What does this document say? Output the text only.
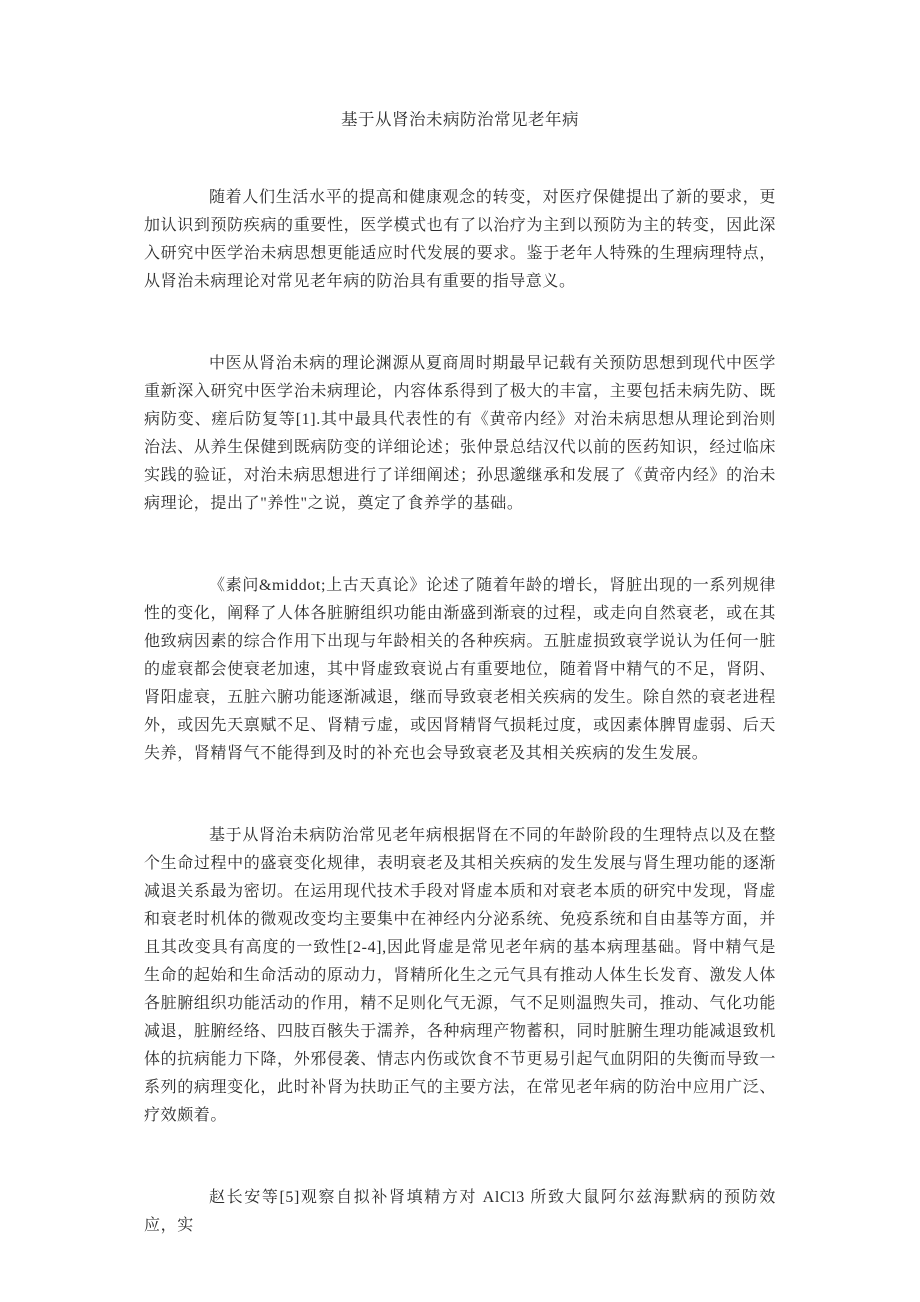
基于从肾治未病防治常见老年病

随着人们生活水平的提高和健康观念的转变，对医疗保健提出了新的要求，更加认识到预防疾病的重要性，医学模式也有了以治疗为主到以预防为主的转变，因此深入研究中医学治未病思想更能适应时代发展的要求。鉴于老年人特殊的生理病理特点，从肾治未病理论对常见老年病的防治具有重要的指导意义。

中医从肾治未病的理论渊源从夏商周时期最早记载有关预防思想到现代中医学重新深入研究中医学治未病理论，内容体系得到了极大的丰富，主要包括未病先防、既病防变、瘥后防复等[1].其中最具代表性的有《黄帝内经》对治未病思想从理论到治则治法、从养生保健到既病防变的详细论述；张仲景总结汉代以前的医药知识，经过临床实践的验证，对治未病思想进行了详细阐述；孙思邈继承和发展了《黄帝内经》的治未病理论，提出了"养性"之说，奠定了食养学的基础。

《素问&middot;上古天真论》论述了随着年龄的增长，肾脏出现的一系列规律性的变化，阐释了人体各脏腑组织功能由渐盛到渐衰的过程，或走向自然衰老，或在其他致病因素的综合作用下出现与年龄相关的各种疾病。五脏虚损致衰学说认为任何一脏的虚衰都会使衰老加速，其中肾虚致衰说占有重要地位，随着肾中精气的不足，肾阴、肾阳虚衰，五脏六腑功能逐渐减退，继而导致衰老相关疾病的发生。除自然的衰老进程外，或因先天禀赋不足、肾精亏虚，或因肾精肾气损耗过度，或因素体脾胃虚弱、后天失养，肾精肾气不能得到及时的补充也会导致衰老及其相关疾病的发生发展。

基于从肾治未病防治常见老年病根据肾在不同的年龄阶段的生理特点以及在整个生命过程中的盛衰变化规律，表明衰老及其相关疾病的发生发展与肾生理功能的逐渐减退关系最为密切。在运用现代技术手段对肾虚本质和对衰老本质的研究中发现，肾虚和衰老时机体的微观改变均主要集中在神经内分泌系统、免疫系统和自由基等方面，并且其改变具有高度的一致性[2-4],因此肾虚是常见老年病的基本病理基础。肾中精气是生命的起始和生命活动的原动力，肾精所化生之元气具有推动人体生长发育、激发人体各脏腑组织功能活动的作用，精不足则化气无源，气不足则温煦失司，推动、气化功能减退，脏腑经络、四肢百骸失于濡养，各种病理产物蓄积，同时脏腑生理功能减退致机体的抗病能力下降，外邪侵袭、情志内伤或饮食不节更易引起气血阴阳的失衡而导致一系列的病理变化，此时补肾为扶助正气的主要方法，在常见老年病的防治中应用广泛、疗效颇着。

赵长安等[5]观察自拟补肾填精方对 AlCl3 所致大鼠阿尔兹海默病的预防效应，实
